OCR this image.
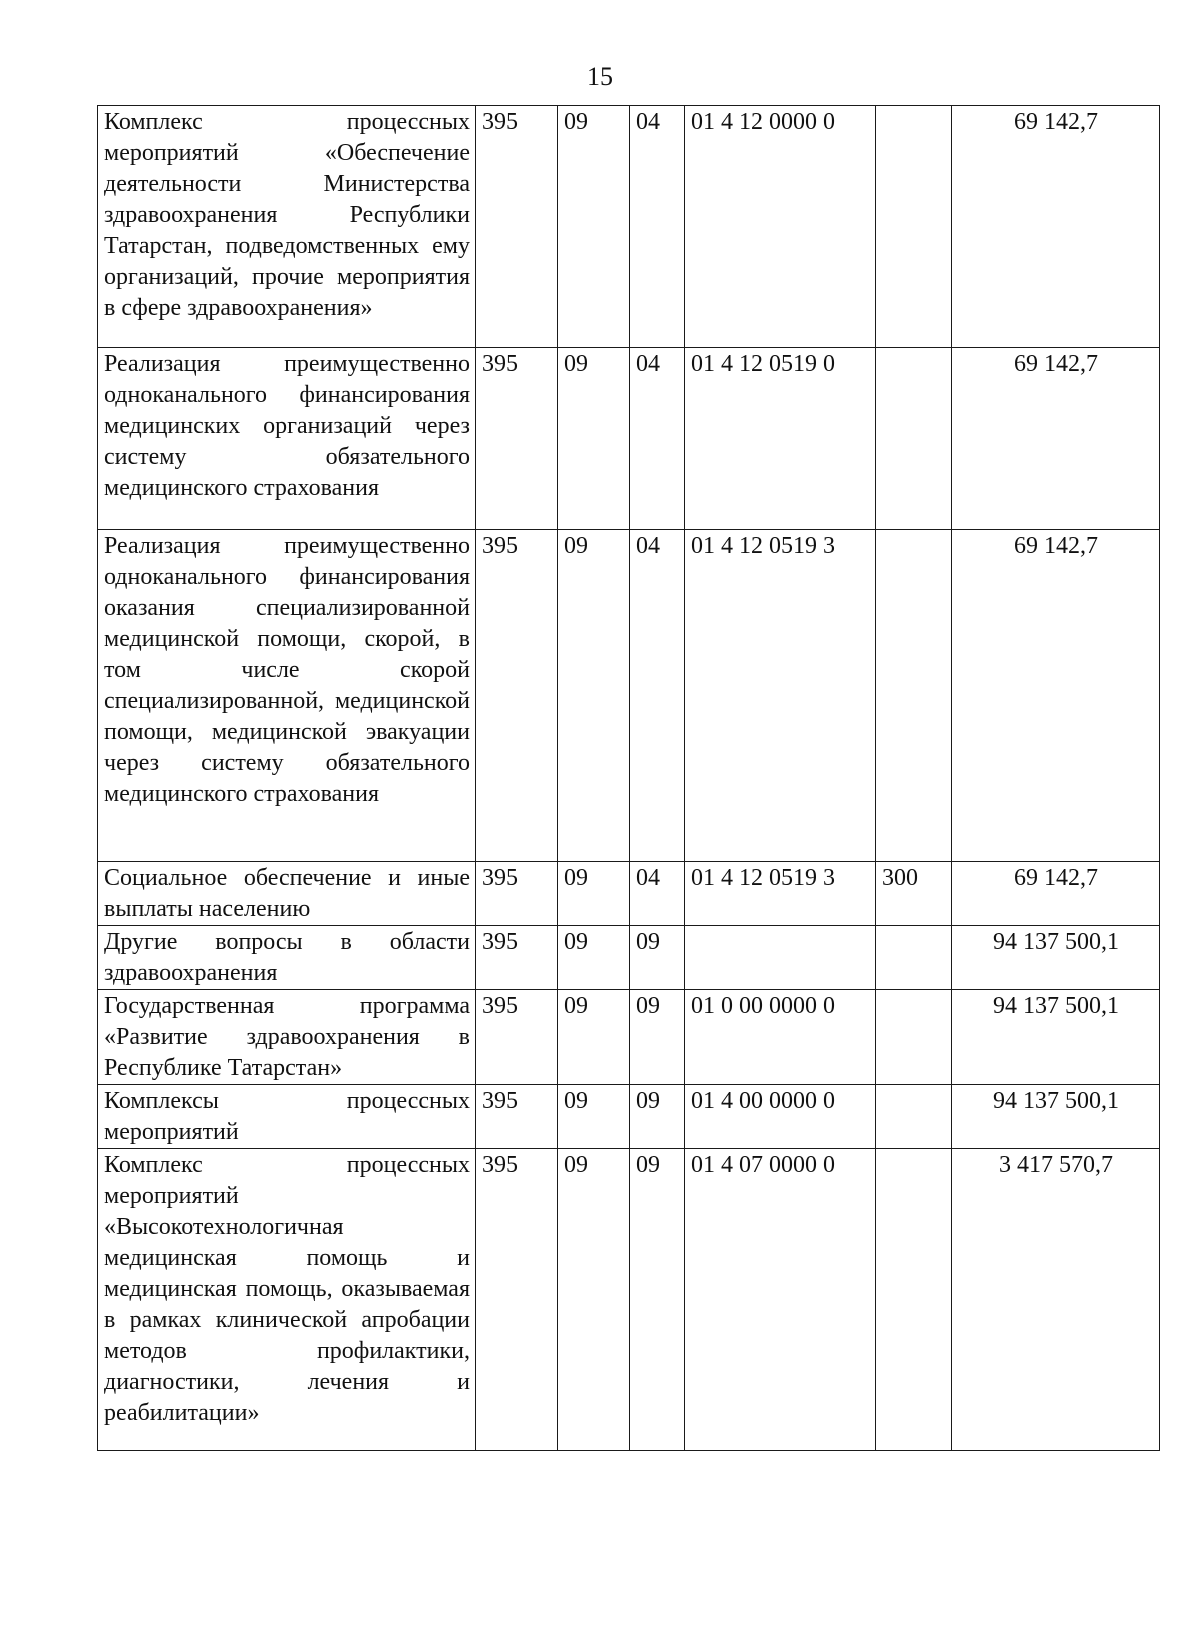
15
Комплекс процессных мероприятий «Обеспечение деятельности Министерства здравоохранения Республики Татарстан, подведомственных ему организаций, прочие мероприятия в сфере здравоохранения»	395	09	04	01 4 12 0000 0		69 142,7
Реализация преимущественно одноканального финансирования медицинских организаций через систему обязательного медицинского страхования	395	09	04	01 4 12 0519 0		69 142,7
Реализация преимущественно одноканального финансирования оказания специализированной медицинской помощи, скорой, в том числе скорой специализированной, медицинской помощи, медицинской эвакуации через систему обязательного медицинского страхования	395	09	04	01 4 12 0519 3		69 142,7
Социальное обеспечение и иные выплаты населению	395	09	04	01 4 12 0519 3	300	69 142,7
Другие вопросы в области здравоохранения	395	09	09			94 137 500,1
Государственная программа «Развитие здравоохранения в Республике Татарстан»	395	09	09	01 0 00 0000 0		94 137 500,1
Комплексы процессных мероприятий	395	09	09	01 4 00 0000 0		94 137 500,1
Комплекс процессных мероприятий «Высокотехнологичная медицинская помощь и медицинская помощь, оказываемая в рамках клинической апробации методов профилактики, диагностики, лечения и реабилитации»	395	09	09	01 4 07 0000 0		3 417 570,7
